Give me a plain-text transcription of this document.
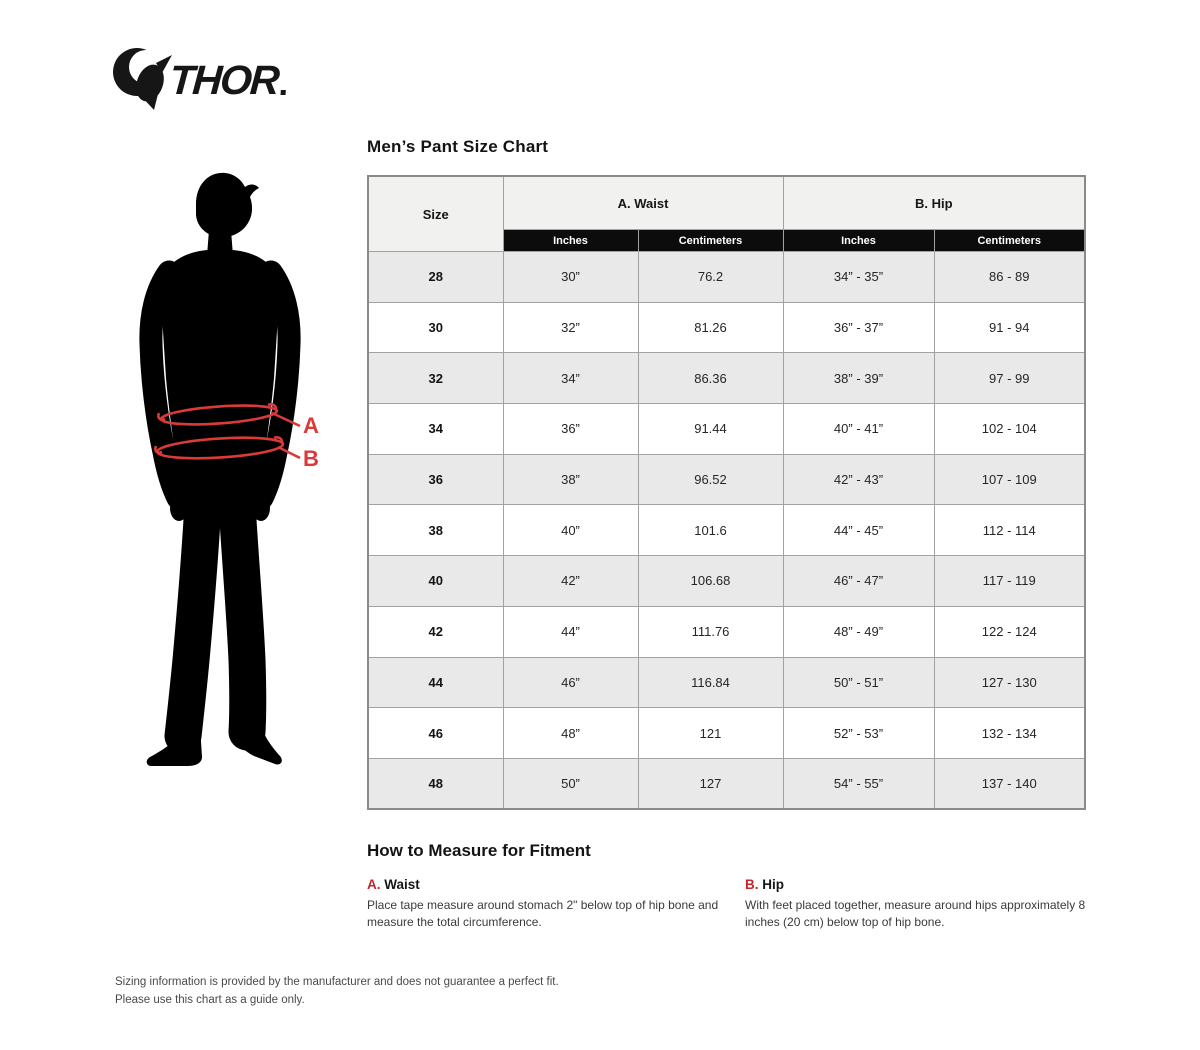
THOR
Men’s Pant Size Chart
A
B
Size	A. Waist		B. Hip	
	Inches	Centimeters	Inches	Centimeters
28	30”	76.2	34” - 35”	86 - 89
30	32”	81.26	36” - 37”	91 - 94
32	34”	86.36	38” - 39”	97 - 99
34	36”	91.44	40” - 41”	102 - 104
36	38”	96.52	42” - 43”	107 - 109
38	40”	101.6	44” - 45”	112 - 114
40	42”	106.68	46” - 47”	117 - 119
42	44”	111.76	48” - 49”	122 - 124
44	46”	116.84	50” - 51”	127 - 130
46	48”	121	52” - 53”	132 - 134
48	50”	127	54” - 55”	137 - 140
How to Measure for Fitment
A. Waist

Place tape measure around stomach 2" below top of hip bone and measure the total circumference.

B. Hip

With feet placed together, measure around hips approximately 8 inches (20 cm) below top of hip bone.

Sizing information is provided by the manufacturer and does not guarantee a perfect fit.
Please use this chart as a guide only.
